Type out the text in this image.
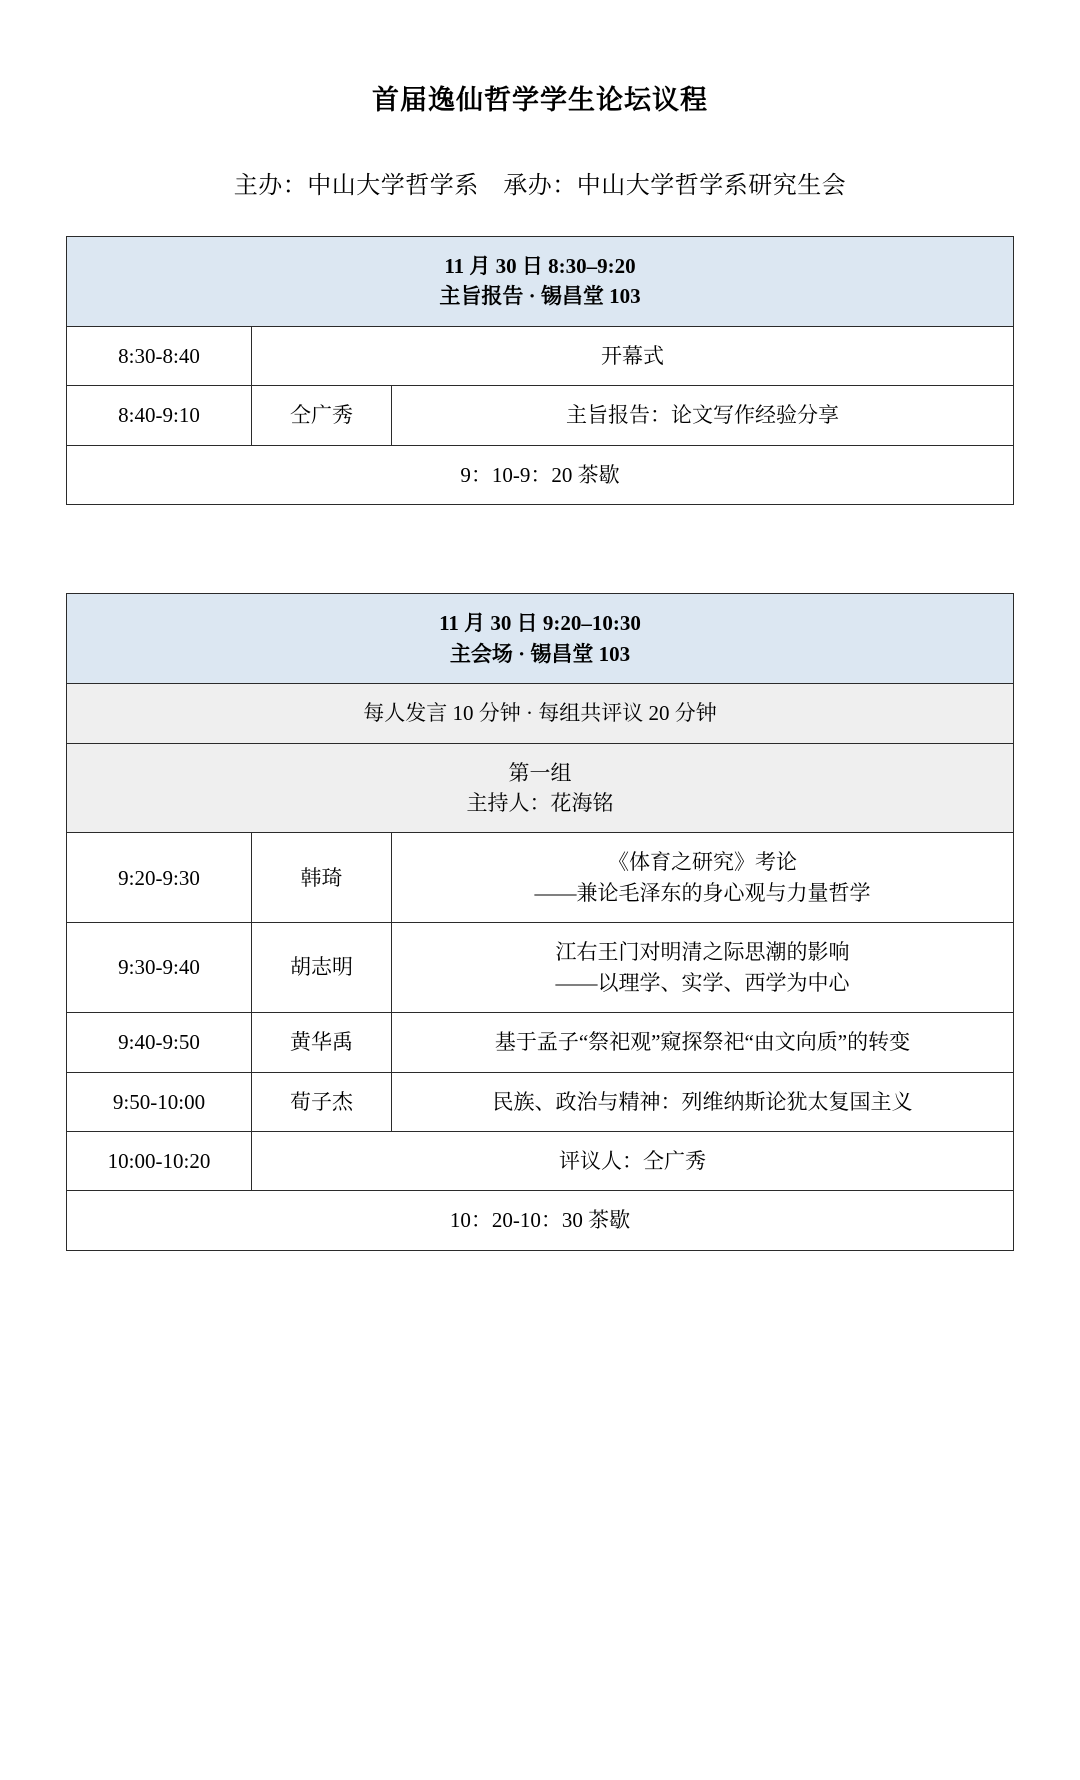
首届逸仙哲学学生论坛议程
主办：中山大学哲学系　承办：中山大学哲学系研究生会
11 月 30 日 8:30–9:20
主旨报告 · 锡昌堂 103		

8:30-8:40	开幕式	
8:40-9:10	仝广秀	主旨报告：论文写作经验分享
9：10-9：20 茶歇		
11 月 30 日 9:20–10:30
主会场 · 锡昌堂 103		

每人发言 10 分钟 · 每组共评议 20 分钟		

第一组
主持人：花海铭		

9:20-9:30	韩琦	《体育之研究》考论
——兼论毛泽东的身心观与力量哲学

9:30-9:40	胡志明	江右王门对明清之际思潮的影响
——以理学、实学、西学为中心

9:40-9:50	黄华禹	基于孟子“祭祀观”窥探祭祀“由文向质”的转变
9:50-10:00	荀子杰	民族、政治与精神：列维纳斯论犹太复国主义
10:00-10:20	评议人：仝广秀	
10：20-10：30 茶歇		
